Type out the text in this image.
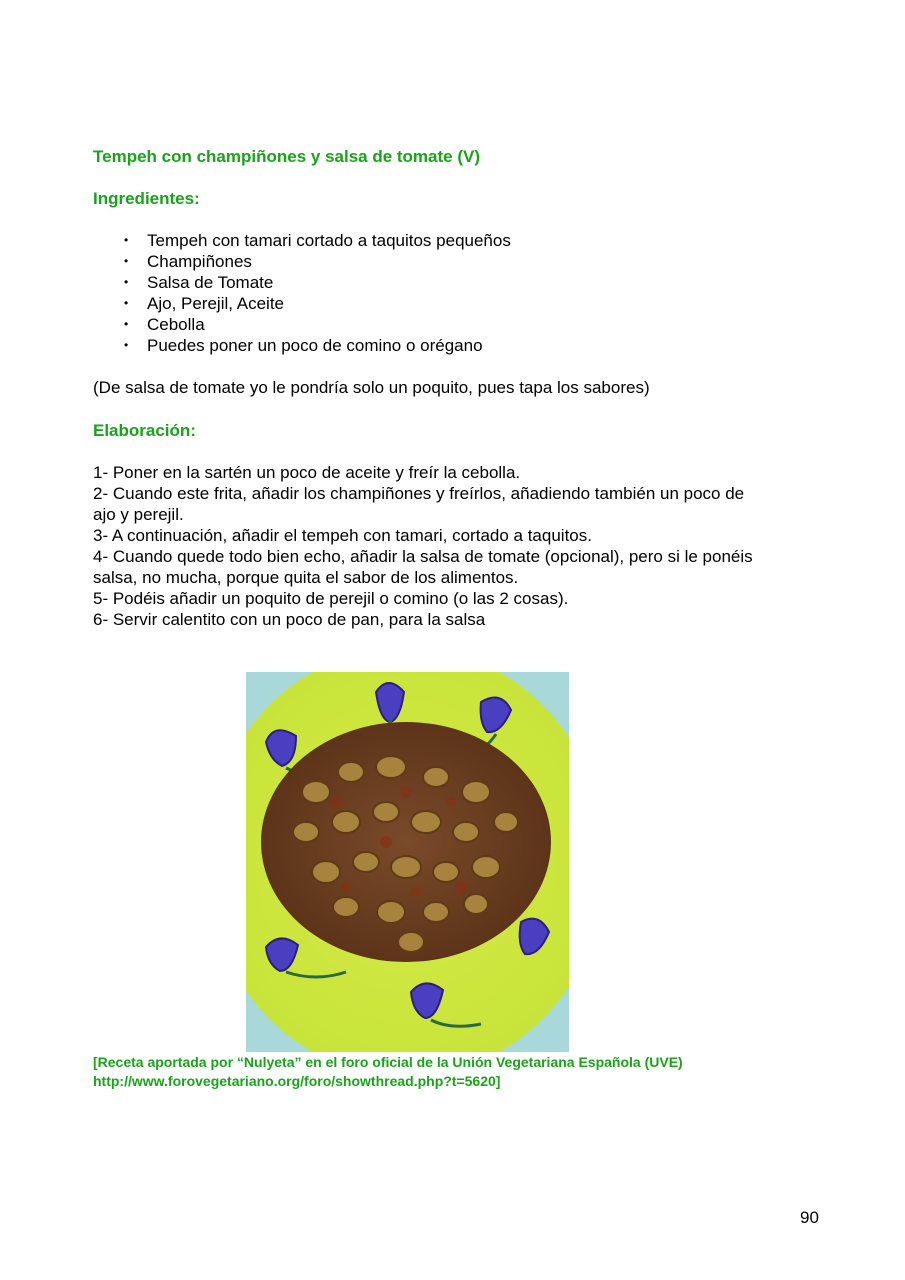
Tempeh con champiñones y salsa de tomate (V)
Ingredientes:
• Tempeh con tamari cortado a taquitos pequeños
• Champiñones
• Salsa de Tomate
• Ajo, Perejil, Aceite
• Cebolla
• Puedes poner un poco de comino o orégano
(De salsa de tomate yo le pondría solo un poquito, pues tapa los sabores)
Elaboración:
1- Poner en la sartén un poco de aceite y freír la cebolla.
2- Cuando este frita, añadir los champiñones y freírlos, añadiendo también un poco de
ajo y perejil.
3- A continuación, añadir el tempeh con tamari, cortado a taquitos.
4- Cuando quede todo bien echo, añadir la salsa de tomate (opcional), pero si le ponéis
salsa, no mucha, porque quita el sabor de los alimentos.
5- Podéis añadir un poquito de perejil o comino (o las 2 cosas).
6- Servir calentito con un poco de pan, para la salsa
[Receta aportada por “Nulyeta” en el foro oficial de la Unión Vegetariana Española (UVE)
http://www.forovegetariano.org/foro/showthread.php?t=5620]
90
